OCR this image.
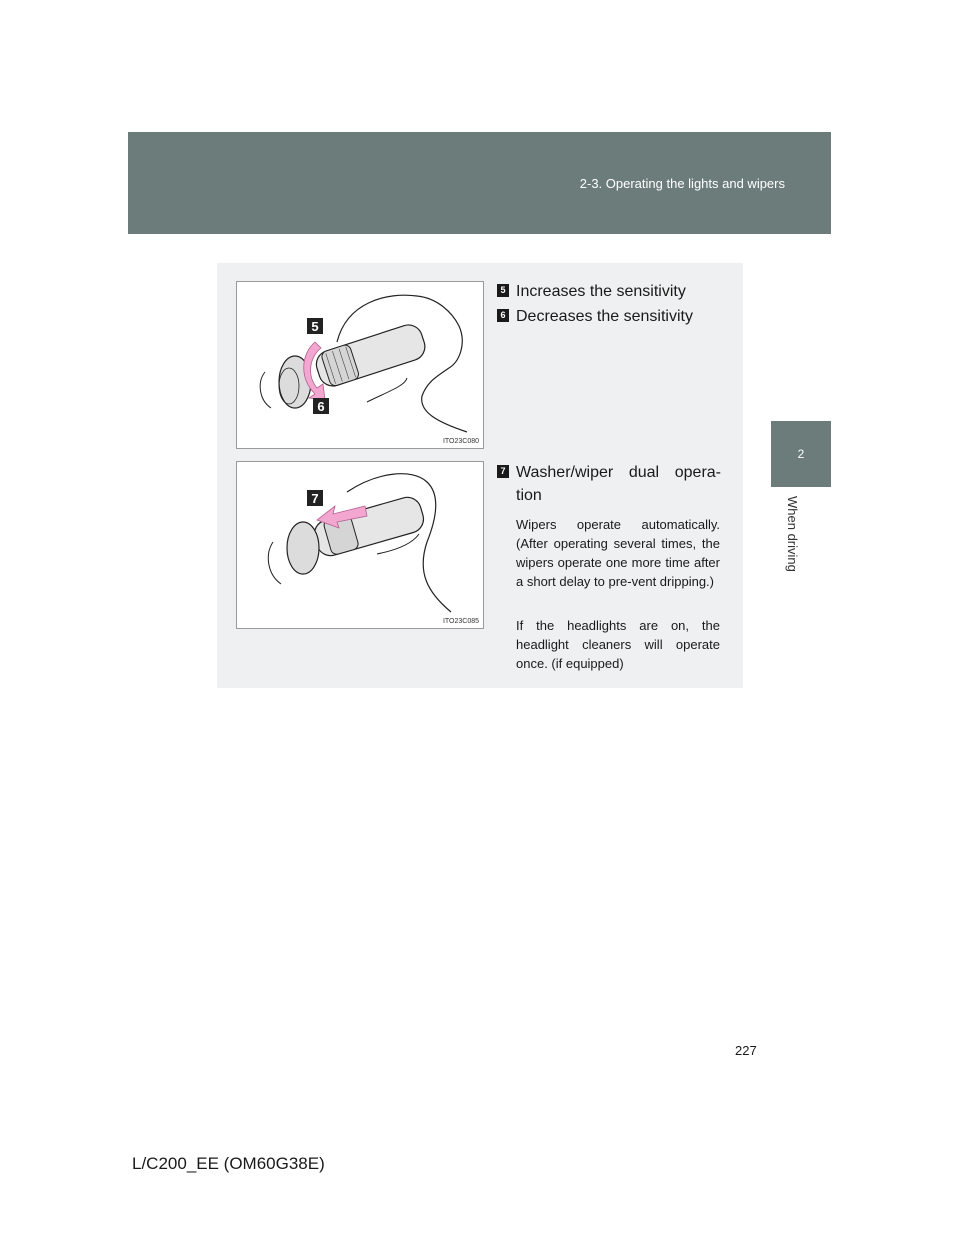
2-3. Operating the lights and wipers
2
When driving
5
6
ITO23C080
7
ITO23C085
5 Increases the sensitivity
6 Decreases the sensitivity
7 Washer/wiper dual opera-
tion
Wipers operate automatically. (After operating several times, the wipers operate one more time after a short delay to pre-vent dripping.)
If the headlights are on, the headlight cleaners will operate once. (if equipped)
227
L/C200_EE (OM60G38E)
